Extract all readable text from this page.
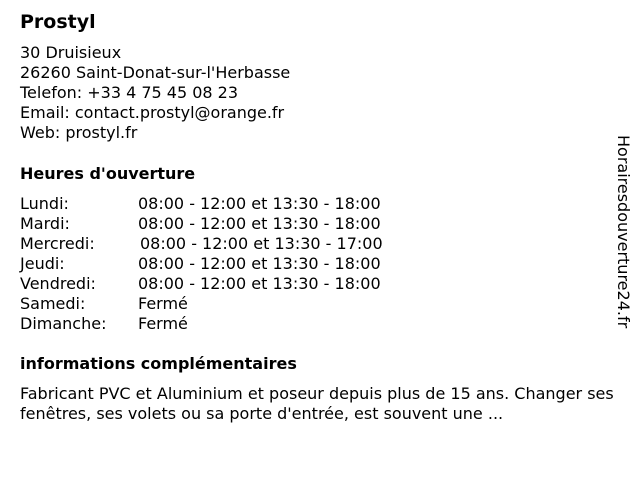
Prostyl
30 Druisieux
26260 Saint-Donat-sur-l'Herbasse
Telefon: +33 4 75 45 08 23
Email: contact.prostyl@orange.fr
Web: prostyl.fr
Heures d'ouverture
Lundi:	08:00 - 12:00 et 13:30 - 18:00
Mardi:	08:00 - 12:00 et 13:30 - 18:00
Mercredi:	08:00 - 12:00 et 13:30 - 17:00
Jeudi:	08:00 - 12:00 et 13:30 - 18:00
Vendredi:	08:00 - 12:00 et 13:30 - 18:00
Samedi:	Fermé
Dimanche: Fermé
informations complémentaires
Fabricant PVC et Aluminium et poseur depuis plus de 15 ans. Changer ses fenêtres, ses volets ou sa porte d'entrée, est souvent une ...
Horairesdouverture24.fr
